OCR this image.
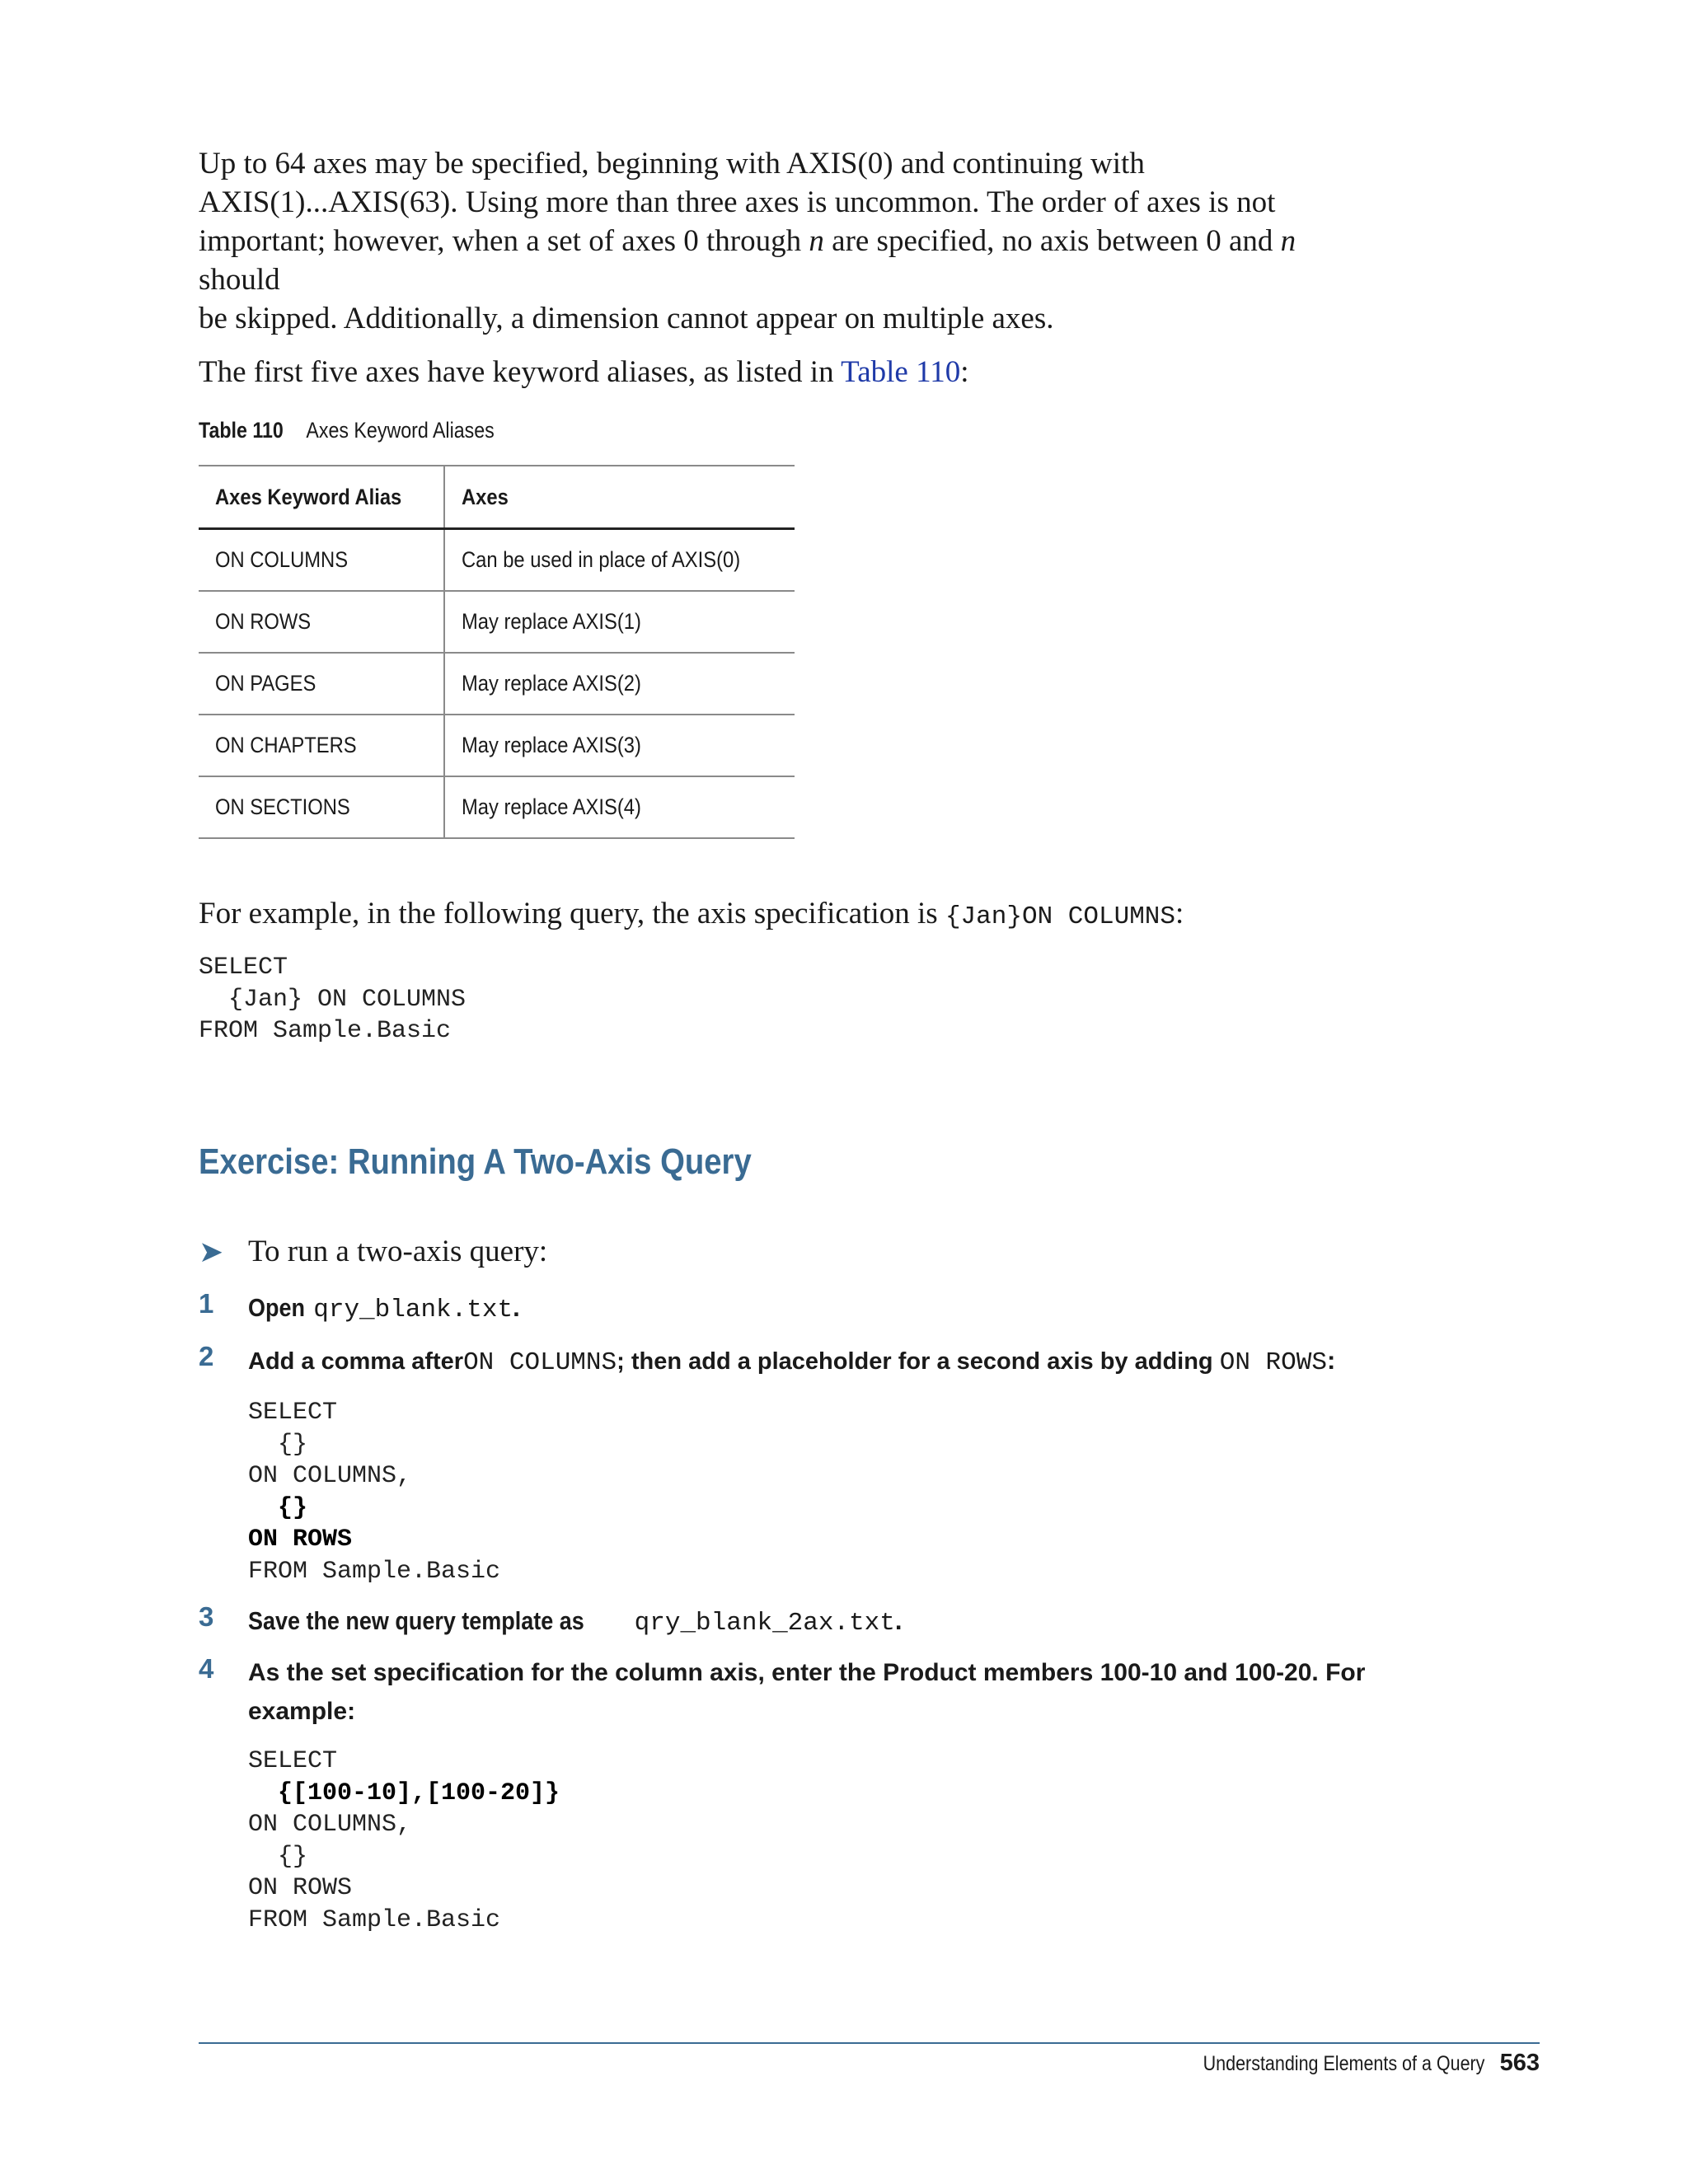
Up to 64 axes may be specified, beginning with AXIS(0) and continuing with
AXIS(1)...AXIS(63). Using more than three axes is uncommon. The order of axes is not
important; however, when a set of axes 0 through n are specified, no axis between 0 and n should
be skipped. Additionally, a dimension cannot appear on multiple axes.

The first five axes have keyword aliases, as listed in Table 110:

Table 110 Axes Keyword Aliases
Axes Keyword Alias	Axes
ON COLUMNS	Can be used in place of AXIS(0)
ON ROWS	May replace AXIS(1)
ON PAGES	May replace AXIS(2)
ON CHAPTERS	May replace AXIS(3)
ON SECTIONS	May replace AXIS(4)

For example, in the following query, the axis specification is {Jan}ON COLUMNS:

SELECT
{Jan} ON COLUMNS
FROM Sample.Basic
Exercise: Running A Two-Axis Query
➤ To run a two-axis query:
1	Openqry_blank.txt.
2	Add a comma afterON COLUMNS; then add a placeholder for a second axis by adding ON ROWS:
SELECT
{}
ON COLUMNS,
{}
ON ROWS
FROM Sample.Basic
3	Save the new query template asqry_blank_2ax.txt.
4	As the set specification for the column axis, enter the Product members 100-10 and 100-20. For
example:
SELECT
{[100-10],[100-20]}
ON COLUMNS,
{}
ON ROWS
FROM Sample.Basic
Understanding Elements of a Query 563
